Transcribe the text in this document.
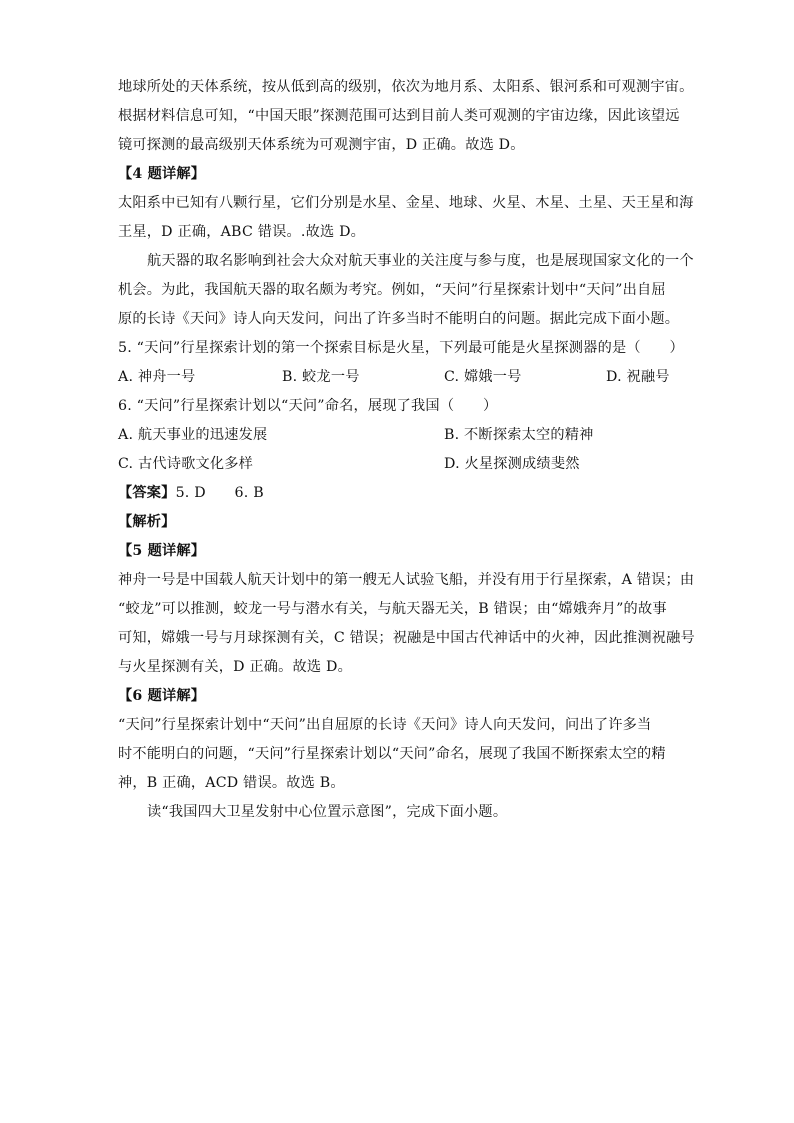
地球所处的天体系统，按从低到高的级别，依次为地月系、太阳系、银河系和可观测宇宙。
根据材料信息可知，“中国天眼”探测范围可达到目前人类可观测的宇宙边缘，因此该望远
镜可探测的最高级别天体系统为可观测宇宙，D 正确。故选 D。
【4 题详解】
太阳系中已知有八颗行星，它们分别是水星、金星、地球、火星、木星、土星、天王星和海
王星，D 正确，ABC 错误。.故选 D。
航天器的取名影响到社会大众对航天事业的关注度与参与度，也是展现国家文化的一个
机会。为此，我国航天器的取名颇为考究。例如，“天问”行星探索计划中“天问”出自屈
原的长诗《天问》诗人向天发问，问出了许多当时不能明白的问题。据此完成下面小题。
5. “天问”行星探索计划的第一个探索目标是火星，下列最可能是火星探测器的是（　　）
A. 神舟一号	B. 蛟龙一号	C. 嫦娥一号	D. 祝融号
6. “天问”行星探索计划以“天问”命名，展现了我国（　　）
A. 航天事业的迅速发展	B. 不断探索太空的精神
C. 古代诗歌文化多样	D. 火星探测成绩斐然
【答案】5. D　　6. B
【解析】
【5 题详解】
神舟一号是中国载人航天计划中的第一艘无人试验飞船，并没有用于行星探索，A 错误；由
“蛟龙”可以推测，蛟龙一号与潜水有关，与航天器无关，B 错误；由“嫦娥奔月”的故事
可知，嫦娥一号与月球探测有关，C 错误；祝融是中国古代神话中的火神，因此推测祝融号
与火星探测有关，D 正确。故选 D。
【6 题详解】
“天问”行星探索计划中“天问”出自屈原的长诗《天问》诗人向天发问，问出了许多当
时不能明白的问题，“天问”行星探索计划以“天问”命名，展现了我国不断探索太空的精
神，B 正确，ACD 错误。故选 B。
读“我国四大卫星发射中心位置示意图”，完成下面小题。
